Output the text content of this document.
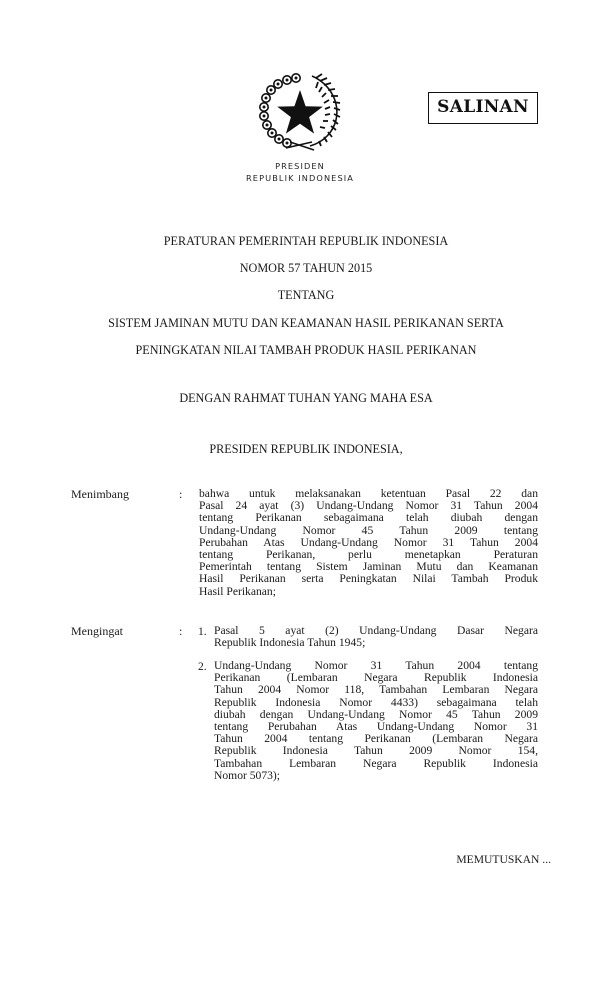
PRESIDEN
REPUBLIK INDONESIA
SALINAN
PERATURAN PEMERINTAH REPUBLIK INDONESIA
NOMOR 57 TAHUN 2015
TENTANG
SISTEM JAMINAN MUTU DAN KEAMANAN HASIL PERIKANAN SERTA
PENINGKATAN NILAI TAMBAH PRODUK HASIL PERIKANAN
DENGAN RAHMAT TUHAN YANG MAHA ESA
PRESIDEN REPUBLIK INDONESIA,
Menimbang	: bahwa untuk melaksanakan ketentuan Pasal 22 dan
Pasal 24 ayat (3) Undang-Undang Nomor 31 Tahun 2004
tentang Perikanan sebagaimana telah diubah dengan
Undang-Undang Nomor 45 Tahun 2009 tentang
Perubahan Atas Undang-Undang Nomor 31 Tahun 2004
tentang Perikanan, perlu menetapkan Peraturan
Pemerintah tentang Sistem Jaminan Mutu dan Keamanan
Hasil Perikanan serta Peningkatan Nilai Tambah Produk
Hasil Perikanan;
Mengingat	: 1. Pasal 5 ayat (2) Undang-Undang Dasar Negara
Republik Indonesia Tahun 1945;
2. Undang-Undang Nomor 31 Tahun 2004 tentang
Perikanan (Lembaran Negara Republik Indonesia
Tahun 2004 Nomor 118, Tambahan Lembaran Negara
Republik Indonesia Nomor 4433) sebagaimana telah
diubah dengan Undang-Undang Nomor 45 Tahun 2009
tentang Perubahan Atas Undang-Undang Nomor 31
Tahun 2004 tentang Perikanan (Lembaran Negara
Republik Indonesia Tahun 2009 Nomor 154,
Tambahan Lembaran Negara Republik Indonesia
Nomor 5073);
MEMUTUSKAN ...
